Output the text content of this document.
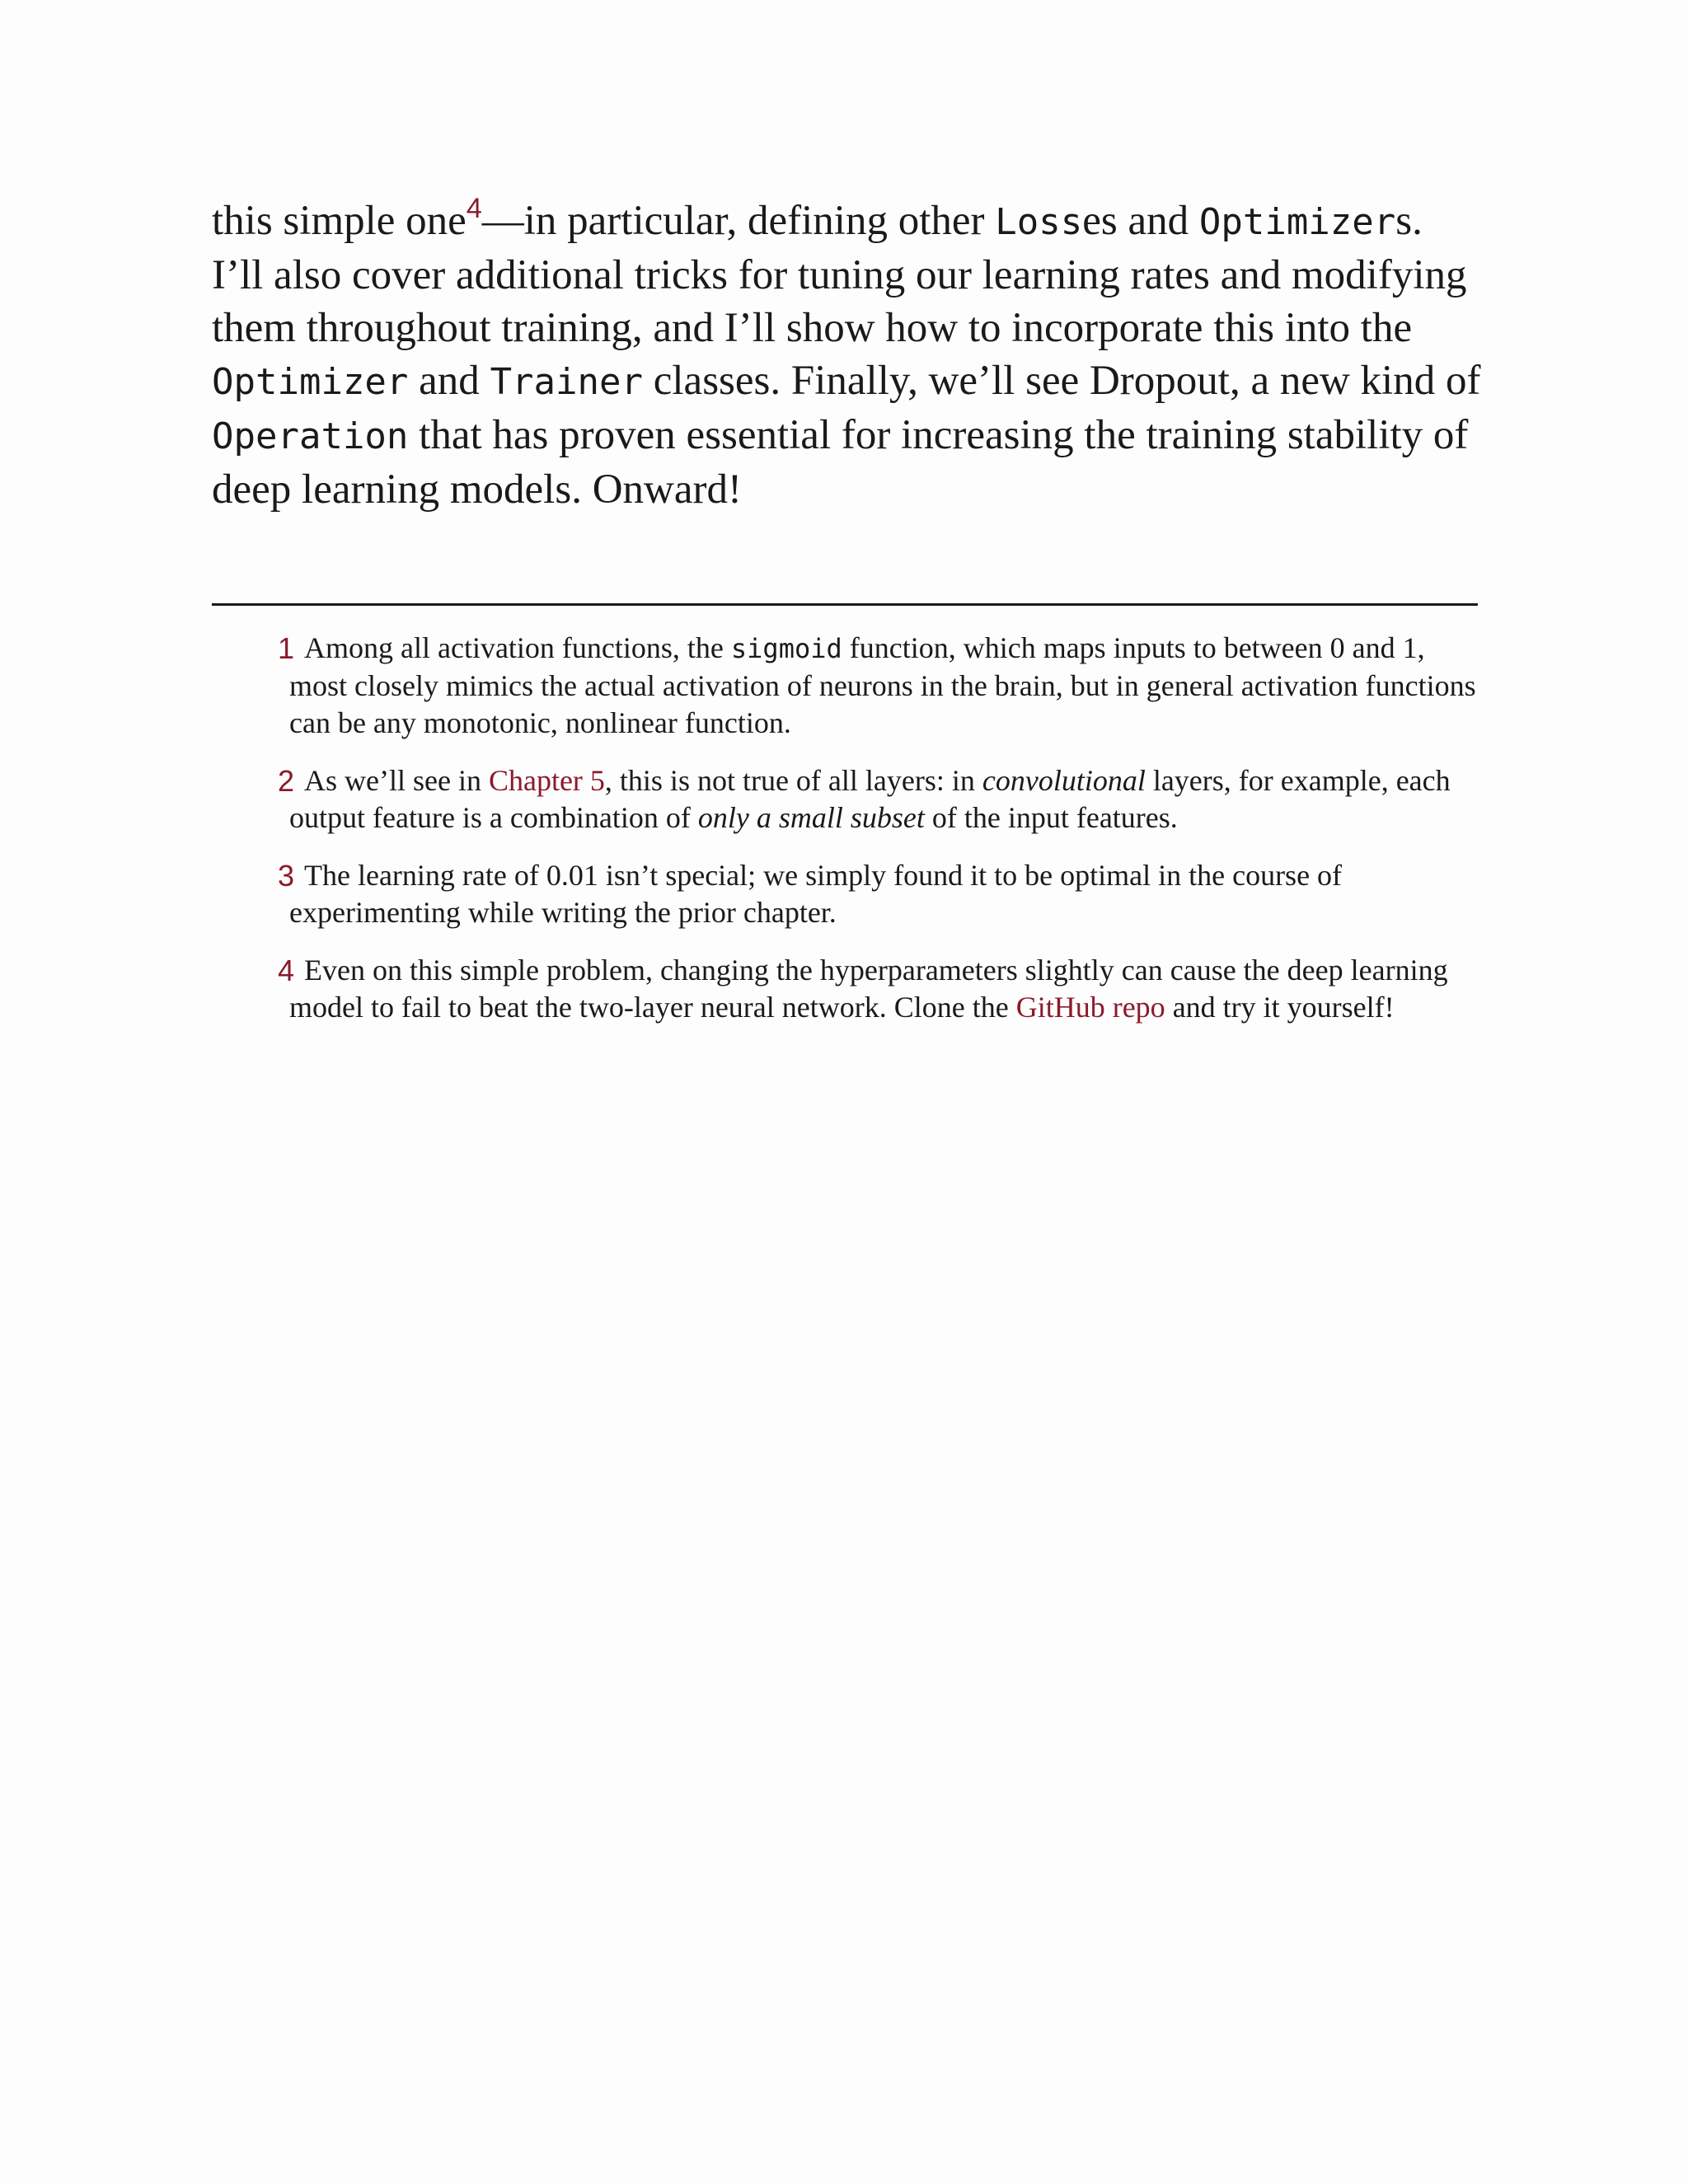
this simple one$^4$—in particular, defining other Losses and Optimizers. I’ll also cover additional tricks for tuning our learning rates and modifying them throughout training, and I’ll show how to incorporate this into the Optimizer and Trainer classes. Finally, we’ll see Dropout, a new kind of Operation that has proven essential for increasing the training stability of deep learning models. Onward!

1 Among all activation functions, the sigmoid function, which maps inputs to between 0 and 1, most closely mimics the actual activation of neurons in the brain, but in general activation functions can be any monotonic, nonlinear function.
2 As we’ll see in Chapter 5, this is not true of all layers: in convolutional layers, for example, each output feature is a combination of only a small subset of the input features.
3 The learning rate of 0.01 isn’t special; we simply found it to be optimal in the course of experimenting while writing the prior chapter.
4 Even on this simple problem, changing the hyperparameters slightly can cause the deep learning model to fail to beat the two-layer neural network. Clone the GitHub repo and try it yourself!
